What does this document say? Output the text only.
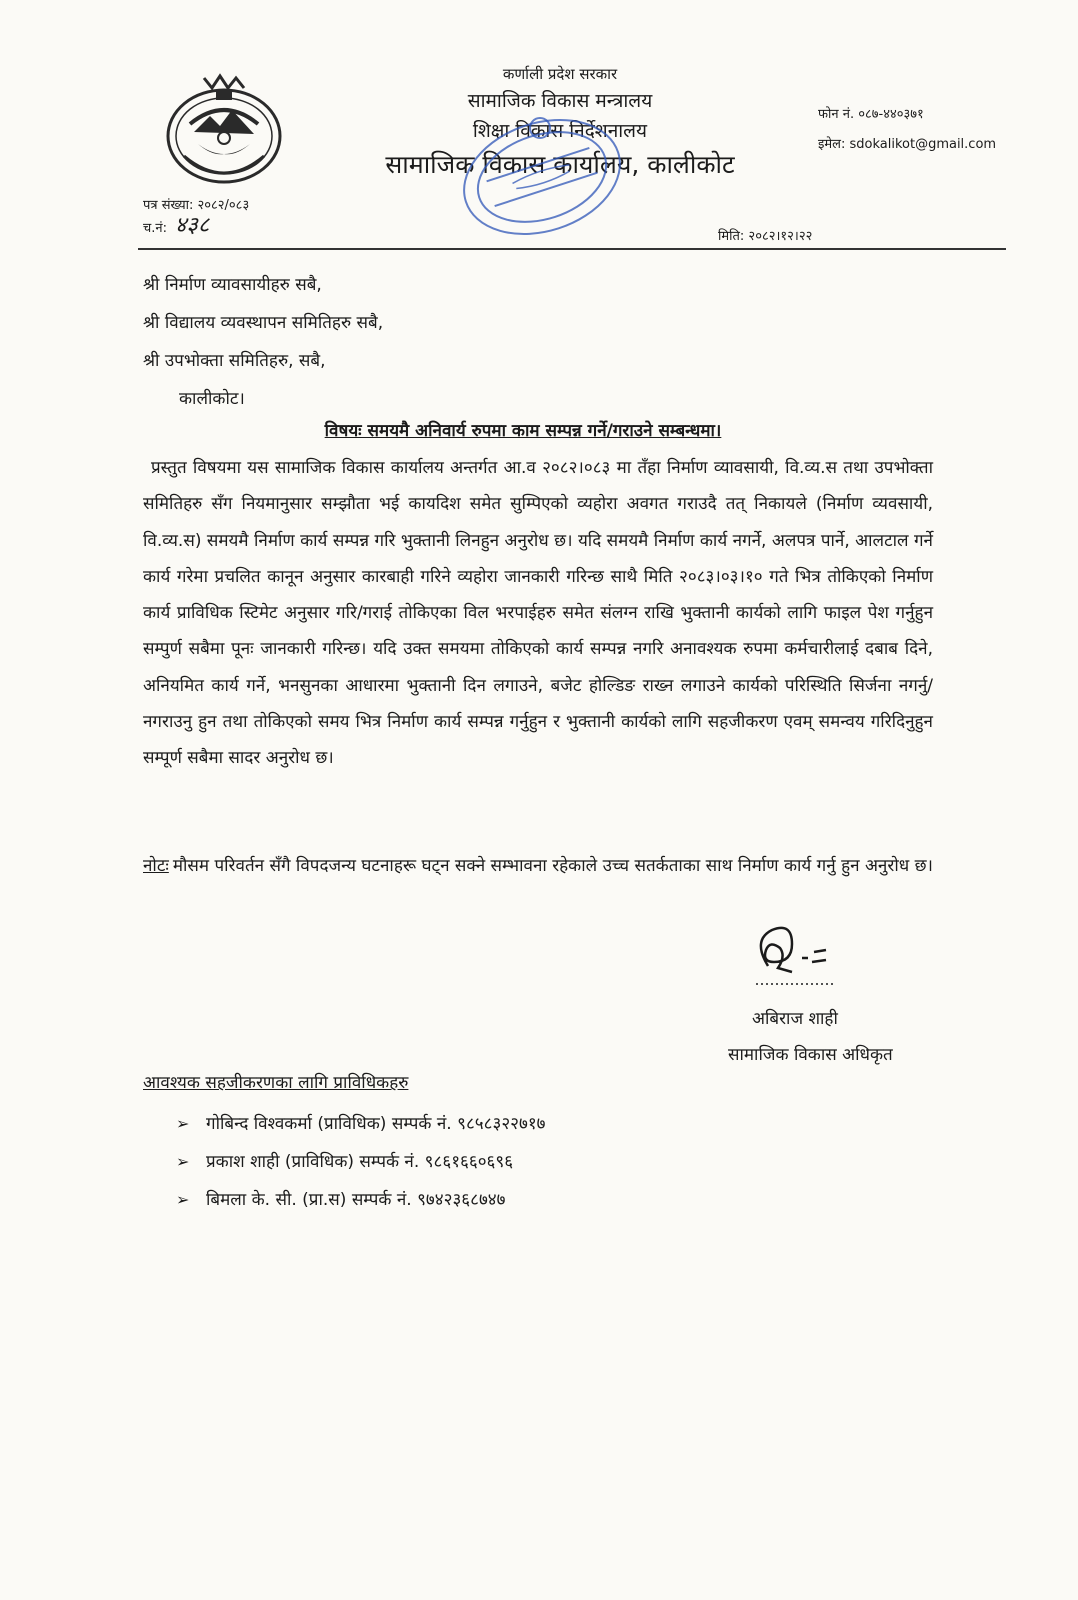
कर्णाली प्रदेश सरकार
सामाजिक विकास मन्त्रालय
शिक्षा विकास निर्देशनालय
सामाजिक विकास कार्यालय, कालीकोट
फोन नं. ०८७-४४०३७१
इमेल: sdokalikot@gmail.com
पत्र संख्या: २०८२/०८३
च.नं: ४३८	मिति: २०८२।१२।२२
श्री निर्माण व्यावसायीहरु सबै,
श्री विद्यालय व्यवस्थापन समितिहरु सबै,
श्री उपभोक्ता समितिहरु, सबै,
कालीकोट।
विषयः समयमै अनिवार्य रुपमा काम सम्पन्न गर्ने/गराउने सम्बन्धमा।

प्रस्तुत विषयमा यस सामाजिक विकास कार्यालय अन्तर्गत आ.व २०८२।०८३ मा तँहा निर्माण व्यावसायी, वि.व्य.स तथा उपभोक्ता समितिहरु सँग नियमानुसार सम्झौता भई कायदिश समेत सुम्पिएको व्यहोरा अवगत गराउदै तत् निकायले (निर्माण व्यवसायी, वि.व्य.स) समयमै निर्माण कार्य सम्पन्न गरि भुक्तानी लिनहुन अनुरोध छ। यदि समयमै निर्माण कार्य नगर्ने, अलपत्र पार्ने, आलटाल गर्ने कार्य गरेमा प्रचलित कानून अनुसार कारबाही गरिने व्यहोरा जानकारी गरिन्छ साथै मिति २०८३।०३।१० गते भित्र तोकिएको निर्माण कार्य प्राविधिक स्टिमेट अनुसार गरि/गराई तोकिएका विल भरपाईहरु समेत संलग्न राखि भुक्तानी कार्यको लागि फाइल पेश गर्नुहुन सम्पुर्ण सबैमा पूनः जानकारी गरिन्छ। यदि उक्त समयमा तोकिएको कार्य सम्पन्न नगरि अनावश्यक रुपमा कर्मचारीलाई दबाब दिने, अनियमित कार्य गर्ने, भनसुनका आधारमा भुक्तानी दिन लगाउने, बजेट होल्डिङ राख्न लगाउने कार्यको परिस्थिति सिर्जना नगर्नु/नगराउनु हुन तथा तोकिएको समय भित्र निर्माण कार्य सम्पन्न गर्नुहुन र भुक्तानी कार्यको लागि सहजीकरण एवम् समन्वय गरिदिनुहुन सम्पूर्ण सबैमा सादर अनुरोध छ।

नोटः मौसम परिवर्तन सँगै विपदजन्य घटनाहरू घट्न सक्ने सम्भावना रहेकाले उच्च सतर्कताका साथ निर्माण कार्य गर्नु हुन अनुरोध छ।

अबिराज शाही
सामाजिक विकास अधिकृत
आवश्यक सहजीकरणका लागि प्राविधिकहरु
➢ गोबिन्द विश्वकर्मा (प्राविधिक) सम्पर्क नं. ९८५८३२२७१७
➢ प्रकाश शाही (प्राविधिक) सम्पर्क नं. ९८६१६६०६९६
➢ बिमला के. सी. (प्रा.स) सम्पर्क नं. ९७४२३६८७४७
